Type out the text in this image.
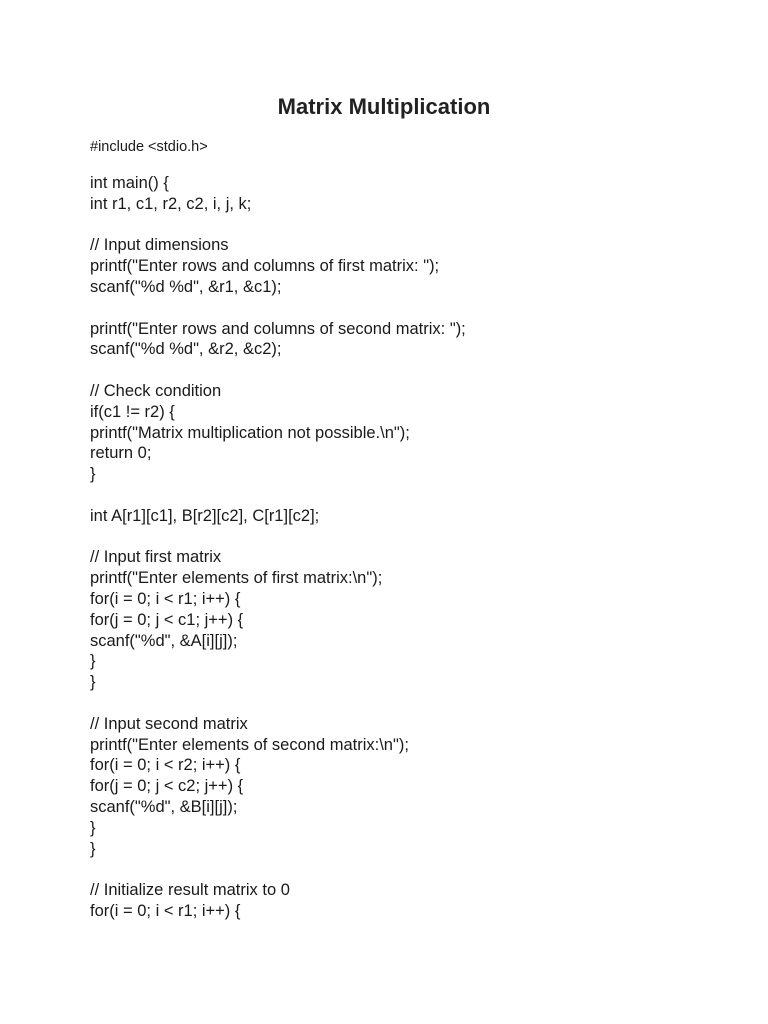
Matrix Multiplication
#include <stdio.h>
int main() {
int r1, c1, r2, c2, i, j, k;
// Input dimensions
printf("Enter rows and columns of first matrix: ");
scanf("%d %d", &r1, &c1);
printf("Enter rows and columns of second matrix: ");
scanf("%d %d", &r2, &c2);
// Check condition
if(c1 != r2) {
printf("Matrix multiplication not possible.\n");
return 0;
}
int A[r1][c1], B[r2][c2], C[r1][c2];
// Input first matrix
printf("Enter elements of first matrix:\n");
for(i = 0; i < r1; i++) {
for(j = 0; j < c1; j++) {
scanf("%d", &A[i][j]);
}
}
// Input second matrix
printf("Enter elements of second matrix:\n");
for(i = 0; i < r2; i++) {
for(j = 0; j < c2; j++) {
scanf("%d", &B[i][j]);
}
}
// Initialize result matrix to 0
for(i = 0; i < r1; i++) {
